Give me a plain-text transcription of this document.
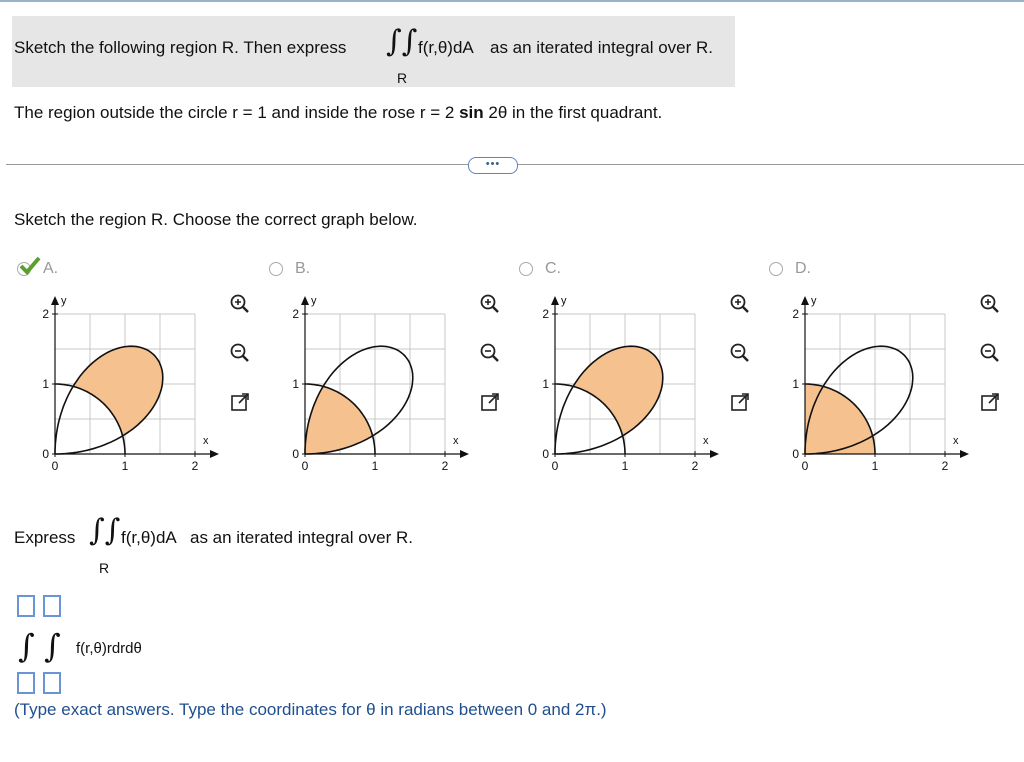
Sketch the following region R. Then express ∫∫ f(r,θ)dA as an iterated integral over R.
R
The region outside the circle r = 1 and inside the rose r = 2 sin 2θ in the first quadrant.
•••
Sketch the region R. Choose the correct graph below.
A.
0	1	2
0
1
2
x
y
B.
0	1	2
0
1
2
x
y
C.
0	1	2
0
1
2
x
y
D.
0	1	2
0
1
2
x
y
Express ∫∫ f(r,θ)dA as an iterated integral over R.
R
∫ ∫ f(r,θ)rdrdθ
(Type exact answers. Type the coordinates for θ in radians between 0 and 2π.)
